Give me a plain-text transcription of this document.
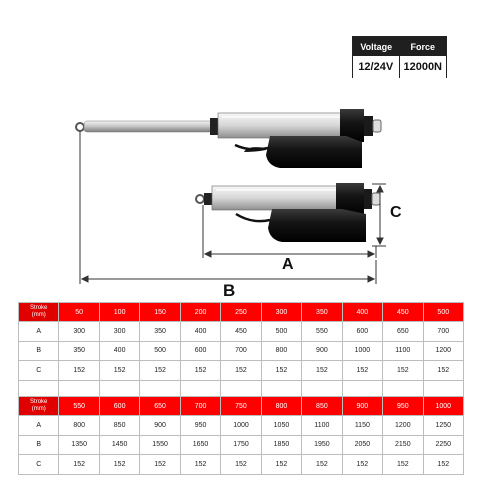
Voltage	Force
12/24V 12000N
C
A
B
Stroke
(mm)	50	100	150	200	250	300	350	400	450	500
A	300	300	350	400	450	500	550	600	650	700
B	350	400	500	600	700	800	900	1000	1100	1200
C	152	152	152	152	152	152	152	152	152	152

Stroke
(mm)	550	600	650	700	750	800	850	900	950	1000
A	800	850	900	950	1000	1050	1100	1150	1200	1250
B	1350	1450	1550	1650	1750	1850	1950	2050	2150	2250
C	152	152	152	152	152	152	152	152	152	152
